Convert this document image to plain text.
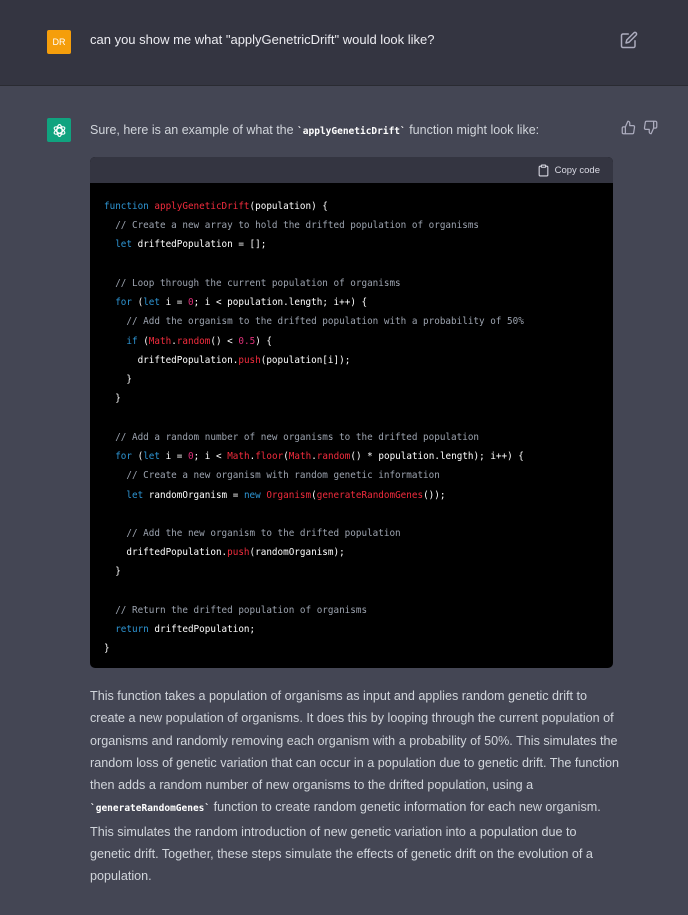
DR	can you show me what "applyGenetricDrift" would look like?
Sure, here is an example of what the `applyGeneticDrift` function might look like:
Copy code
function applyGeneticDrift(population) {
// Create a new array to hold the drifted population of organisms
let driftedPopulation = [];

// Loop through the current population of organisms
for (let i = 0; i < population.length; i++) {
// Add the organism to the drifted population with a probability of 50%
if (Math.random() < 0.5) {
driftedPopulation.push(population[i]);
}
}

// Add a random number of new organisms to the drifted population
for (let i = 0; i < Math.floor(Math.random() * population.length); i++) {
// Create a new organism with random genetic information
let randomOrganism = new Organism(generateRandomGenes());

// Add the new organism to the drifted population
driftedPopulation.push(randomOrganism);
}

// Return the drifted population of organisms
return driftedPopulation;
}
This function takes a population of organisms as input and applies random genetic drift to create a new population of organisms. It does this by looping through the current population of organisms and randomly removing each organism with a probability of 50%. This simulates the random loss of genetic variation that can occur in a population due to genetic drift. The function then adds a random number of new organisms to the drifted population, using a `generateRandomGenes` function to create random genetic information for each new organism. This simulates the random introduction of new genetic variation into a population due to genetic drift. Together, these steps simulate the effects of genetic drift on the evolution of a population.
